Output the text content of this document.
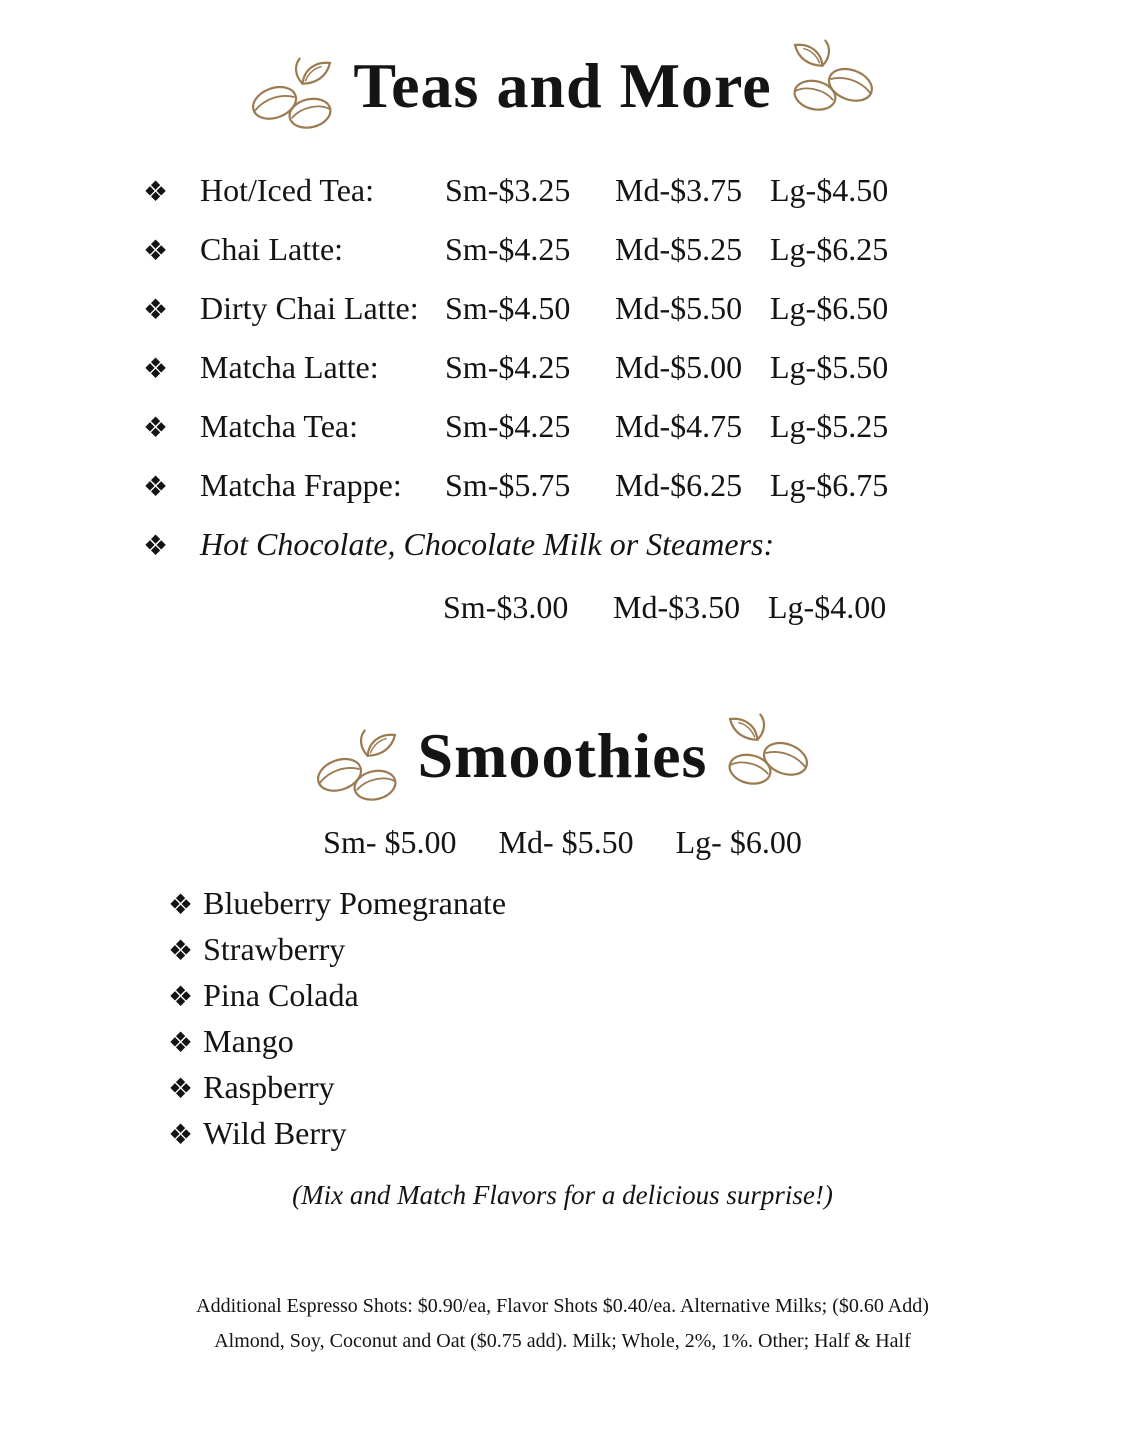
Teas and More
❖ Hot/Iced Tea:	Sm-$3.25	Md-$3.75 Lg-$4.50
❖ Chai Latte:	Sm-$4.25	Md-$5.25 Lg-$6.25
❖ Dirty Chai Latte: Sm-$4.50	Md-$5.50 Lg-$6.50
❖ Matcha Latte:	Sm-$4.25	Md-$5.00 Lg-$5.50
❖ Matcha Tea:	Sm-$4.25	Md-$4.75 Lg-$5.25
❖ Matcha Frappe:	Sm-$5.75	Md-$6.25 Lg-$6.75
❖ Hot Chocolate, Chocolate Milk or Steamers:
Sm-$3.00	Md-$3.50 Lg-$4.00
Smoothies
Sm- $5.00 Md- $5.50 Lg- $6.00
❖ Blueberry Pomegranate
❖ Strawberry
❖ Pina Colada
❖ Mango
❖ Raspberry
❖ Wild Berry
(Mix and Match Flavors for a delicious surprise!)
Additional Espresso Shots: $0.90/ea, Flavor Shots $0.40/ea. Alternative Milks; ($0.60 Add) Almond, Soy, Coconut and Oat ($0.75 add). Milk; Whole, 2%, 1%. Other; Half & Half
